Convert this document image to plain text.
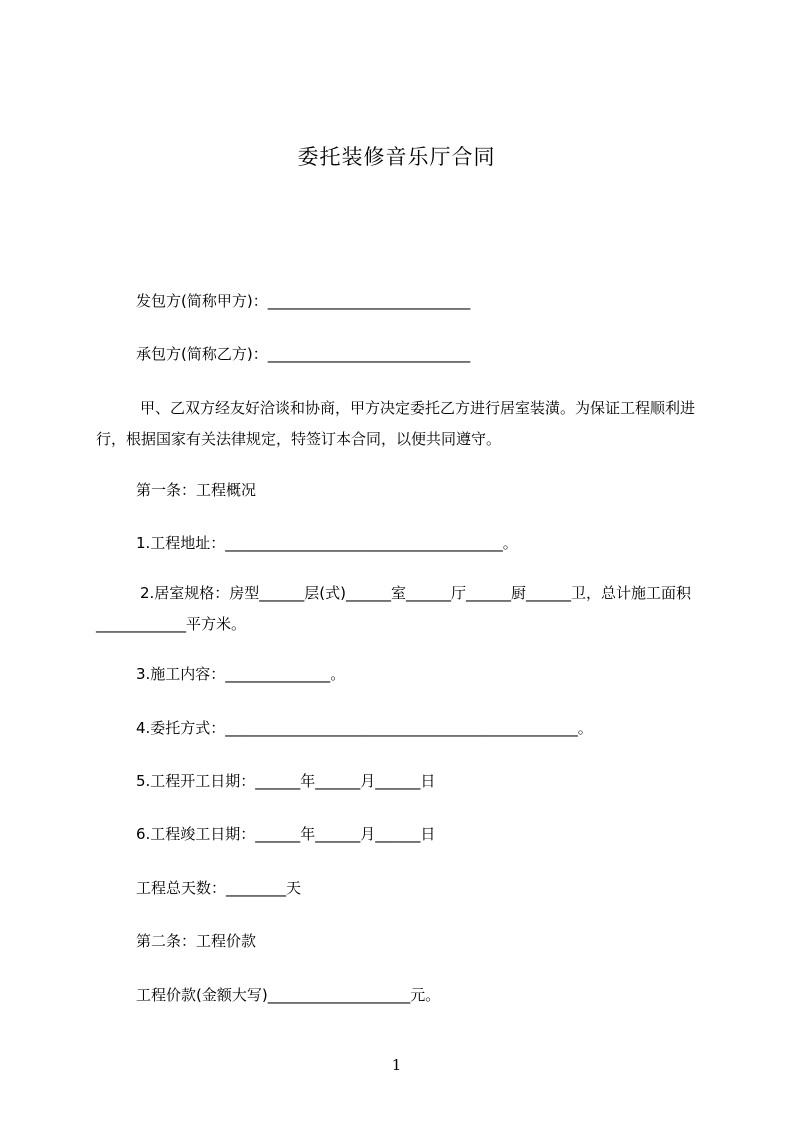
委托装修音乐厅合同
发包方(简称甲方)：___________________________
承包方(简称乙方)：___________________________
甲、乙双方经友好洽谈和协商，甲方决定委托乙方进行居室装潢。为保证工程顺利进行，根据国家有关法律规定，特签订本合同，以便共同遵守。
第一条：工程概况
1.工程地址：_____________________________________。
2.居室规格：房型______层(式)______室______厅______厨______卫，总计施工面积____________平方米。
3.施工内容：______________。
4.委托方式：_______________________________________________。
5.工程开工日期：______年______月______日
6.工程竣工日期：______年______月______日
工程总天数：________天
第二条：工程价款
工程价款(金额大写)___________________元。
1
